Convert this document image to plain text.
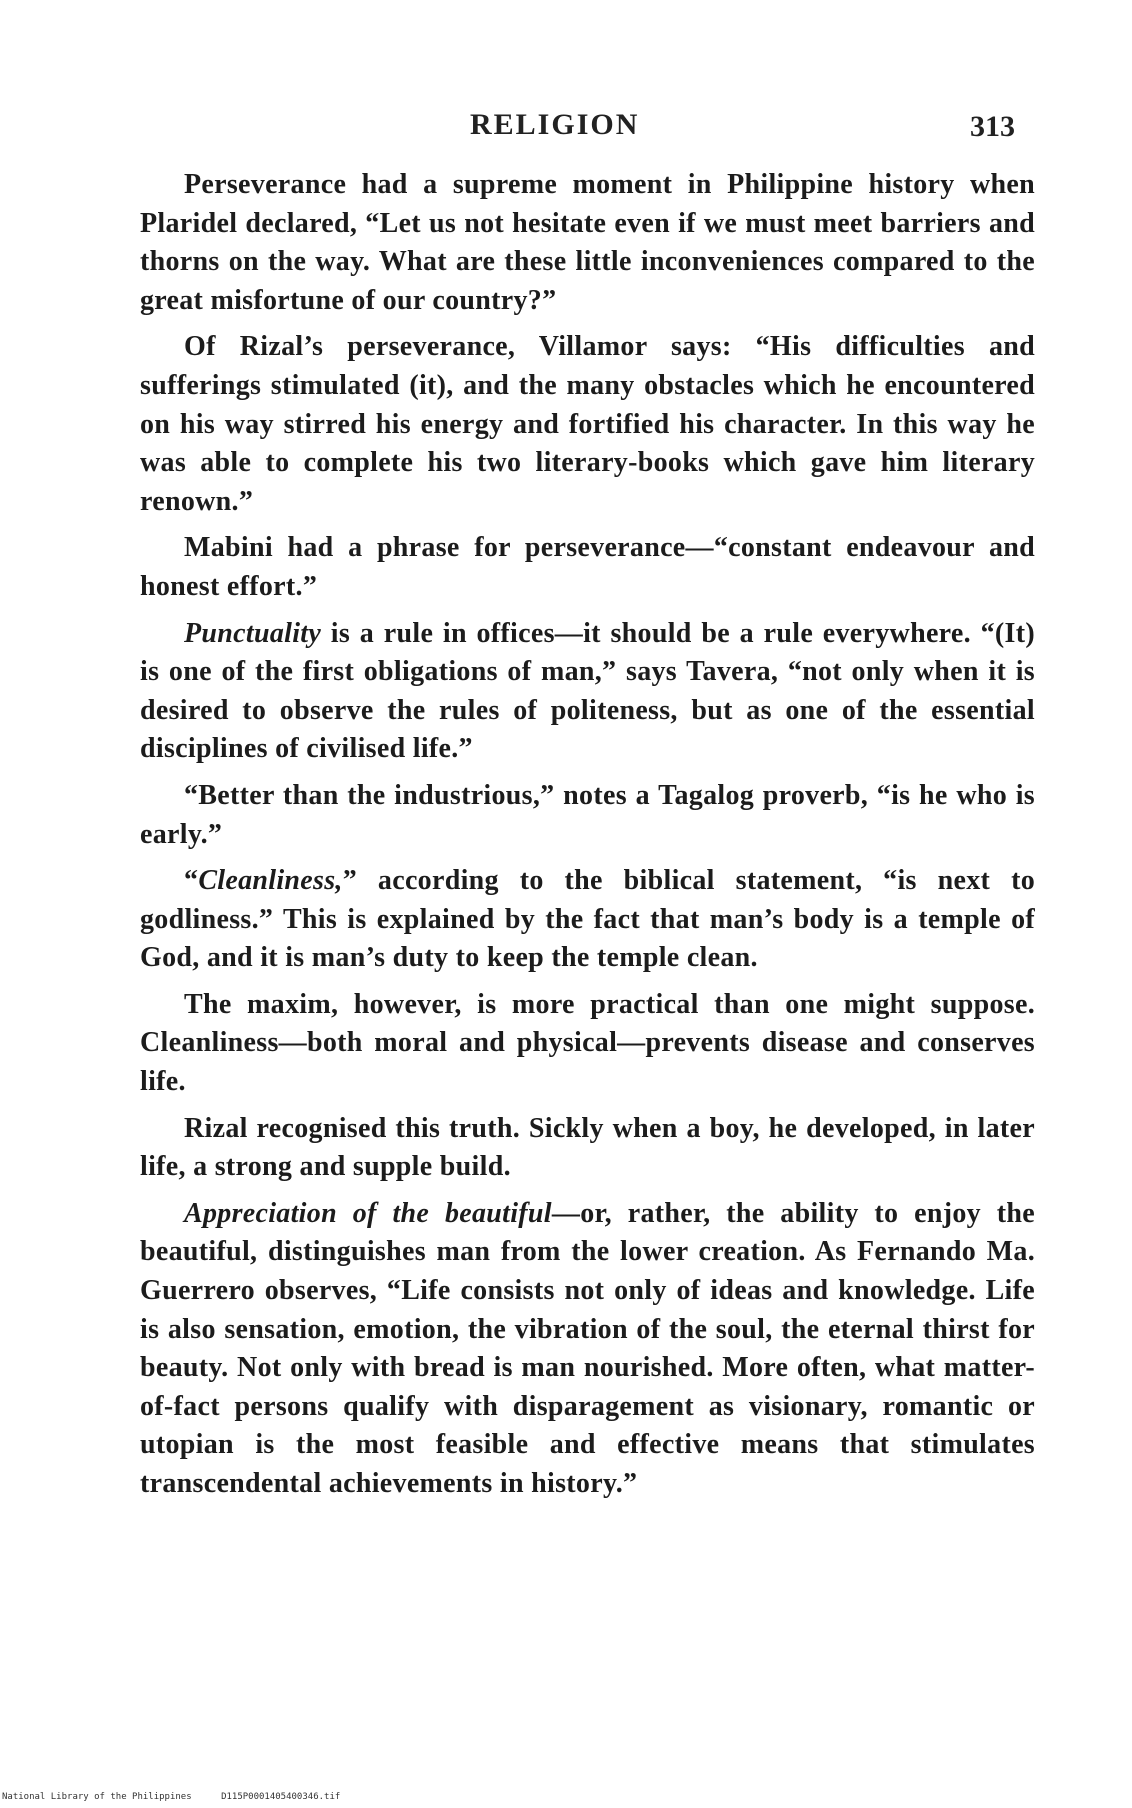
RELIGION	313

Perseverance had a supreme moment in Philippine history when Plaridel declared, “Let us not hesitate even if we must meet barriers and thorns on the way. What are these little inconveniences compared to the great misfortune of our country?”

Of Rizal’s perseverance, Villamor says: “His difficulties and sufferings stimulated (it), and the many obstacles which he encountered on his way stirred his energy and fortified his character. In this way he was able to complete his two literary-books which gave him literary renown.”

Mabini had a phrase for perseverance—“constant endeavour and honest effort.”

Punctuality is a rule in offices—it should be a rule everywhere. “(It) is one of the first obligations of man,” says Tavera, “not only when it is desired to observe the rules of politeness, but as one of the essential disciplines of civilised life.”

“Better than the industrious,” notes a Tagalog proverb, “is he who is early.”

“Cleanliness,” according to the biblical statement, “is next to godliness.” This is explained by the fact that man’s body is a temple of God, and it is man’s duty to keep the temple clean.

The maxim, however, is more practical than one might suppose. Cleanliness—both moral and physical—prevents disease and conserves life.

Rizal recognised this truth. Sickly when a boy, he developed, in later life, a strong and supple build.

Appreciation of the beautiful—or, rather, the ability to enjoy the beautiful, distinguishes man from the lower creation. As Fernando Ma. Guerrero observes, “Life consists not only of ideas and knowledge. Life is also sensation, emotion, the vibration of the soul, the eternal thirst for beauty. Not only with bread is man nourished. More often, what matter-of-fact persons qualify with disparagement as visionary, romantic or utopian is the most feasible and effective means that stimulates transcendental achievements in history.”

National Library of the Philippines	D115P0001405400346.tif
